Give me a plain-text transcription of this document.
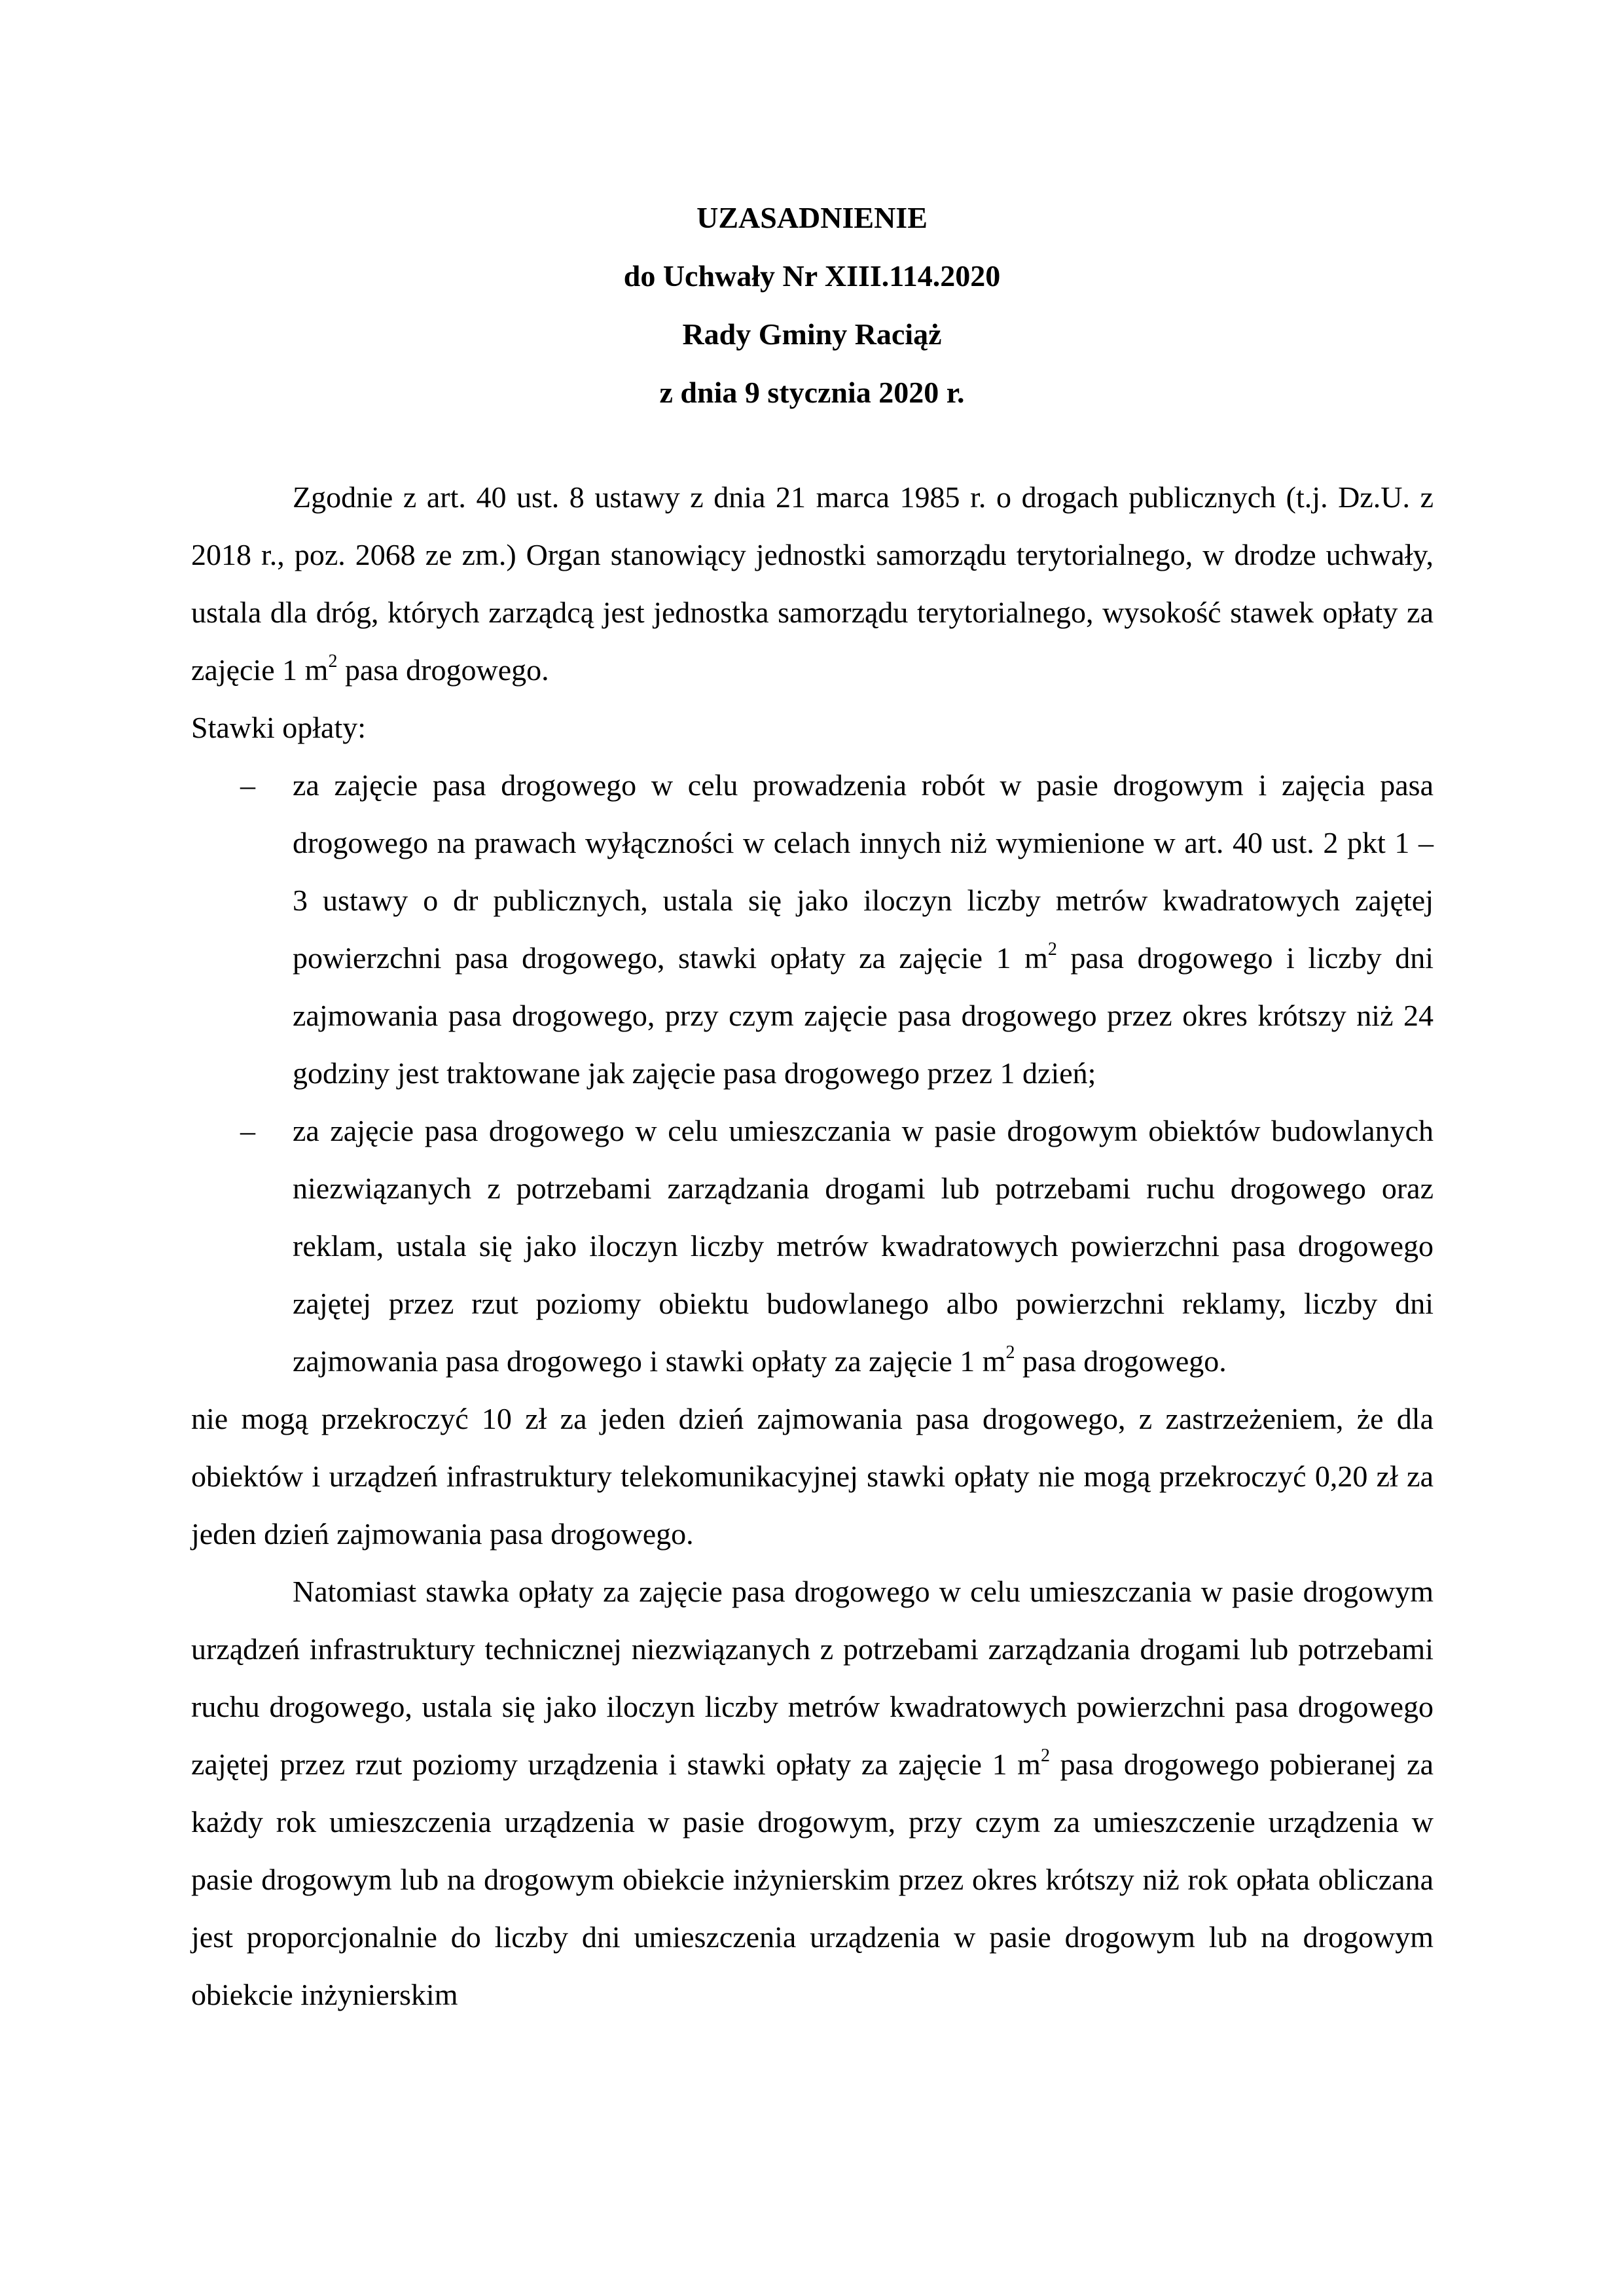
UZASADNIENIE
do Uchwały Nr XIII.114.2020
Rady Gminy Raciąż
z dnia 9 stycznia 2020 r.

Zgodnie z art. 40 ust. 8 ustawy z dnia 21 marca 1985 r. o drogach publicznych (t.j. Dz.U. z 2018 r., poz. 2068 ze zm.) Organ stanowiący jednostki samorządu terytorialnego, w drodze uchwały, ustala dla dróg, których zarządcą jest jednostka samorządu terytorialnego, wysokość stawek opłaty za zajęcie 1 $m^2$ pasa drogowego.

Stawki opłaty:

– za zajęcie pasa drogowego w celu prowadzenia robót w pasie drogowym i zajęcia pasa drogowego na prawach wyłączności w celach innych niż wymienione w art. 40 ust. 2 pkt 1 – 3 ustawy o dr publicznych, ustala się jako iloczyn liczby metrów kwadratowych zajętej powierzchni pasa drogowego, stawki opłaty za zajęcie 1 $m^2$ pasa drogowego i liczby dni zajmowania pasa drogowego, przy czym zajęcie pasa drogowego przez okres krótszy niż 24 godziny jest traktowane jak zajęcie pasa drogowego przez 1 dzień;
– za zajęcie pasa drogowego w celu umieszczania w pasie drogowym obiektów budowlanych niezwiązanych z potrzebami zarządzania drogami lub potrzebami ruchu drogowego oraz reklam, ustala się jako iloczyn liczby metrów kwadratowych powierzchni pasa drogowego zajętej przez rzut poziomy obiektu budowlanego albo powierzchni reklamy, liczby dni zajmowania pasa drogowego i stawki opłaty za zajęcie 1 $m^2$ pasa drogowego.

nie mogą przekroczyć 10 zł za jeden dzień zajmowania pasa drogowego, z zastrzeżeniem, że dla obiektów i urządzeń infrastruktury telekomunikacyjnej stawki opłaty nie mogą przekroczyć 0,20 zł za jeden dzień zajmowania pasa drogowego.

Natomiast stawka opłaty za zajęcie pasa drogowego w celu umieszczania w pasie drogowym urządzeń infrastruktury technicznej niezwiązanych z potrzebami zarządzania drogami lub potrzebami ruchu drogowego, ustala się jako iloczyn liczby metrów kwadratowych powierzchni pasa drogowego zajętej przez rzut poziomy urządzenia i stawki opłaty za zajęcie 1 $m^2$ pasa drogowego pobieranej za każdy rok umieszczenia urządzenia w pasie drogowym, przy czym za umieszczenie urządzenia w pasie drogowym lub na drogowym obiekcie inżynierskim przez okres krótszy niż rok opłata obliczana jest proporcjonalnie do liczby dni umieszczenia urządzenia w pasie drogowym lub na drogowym obiekcie inżynierskim
